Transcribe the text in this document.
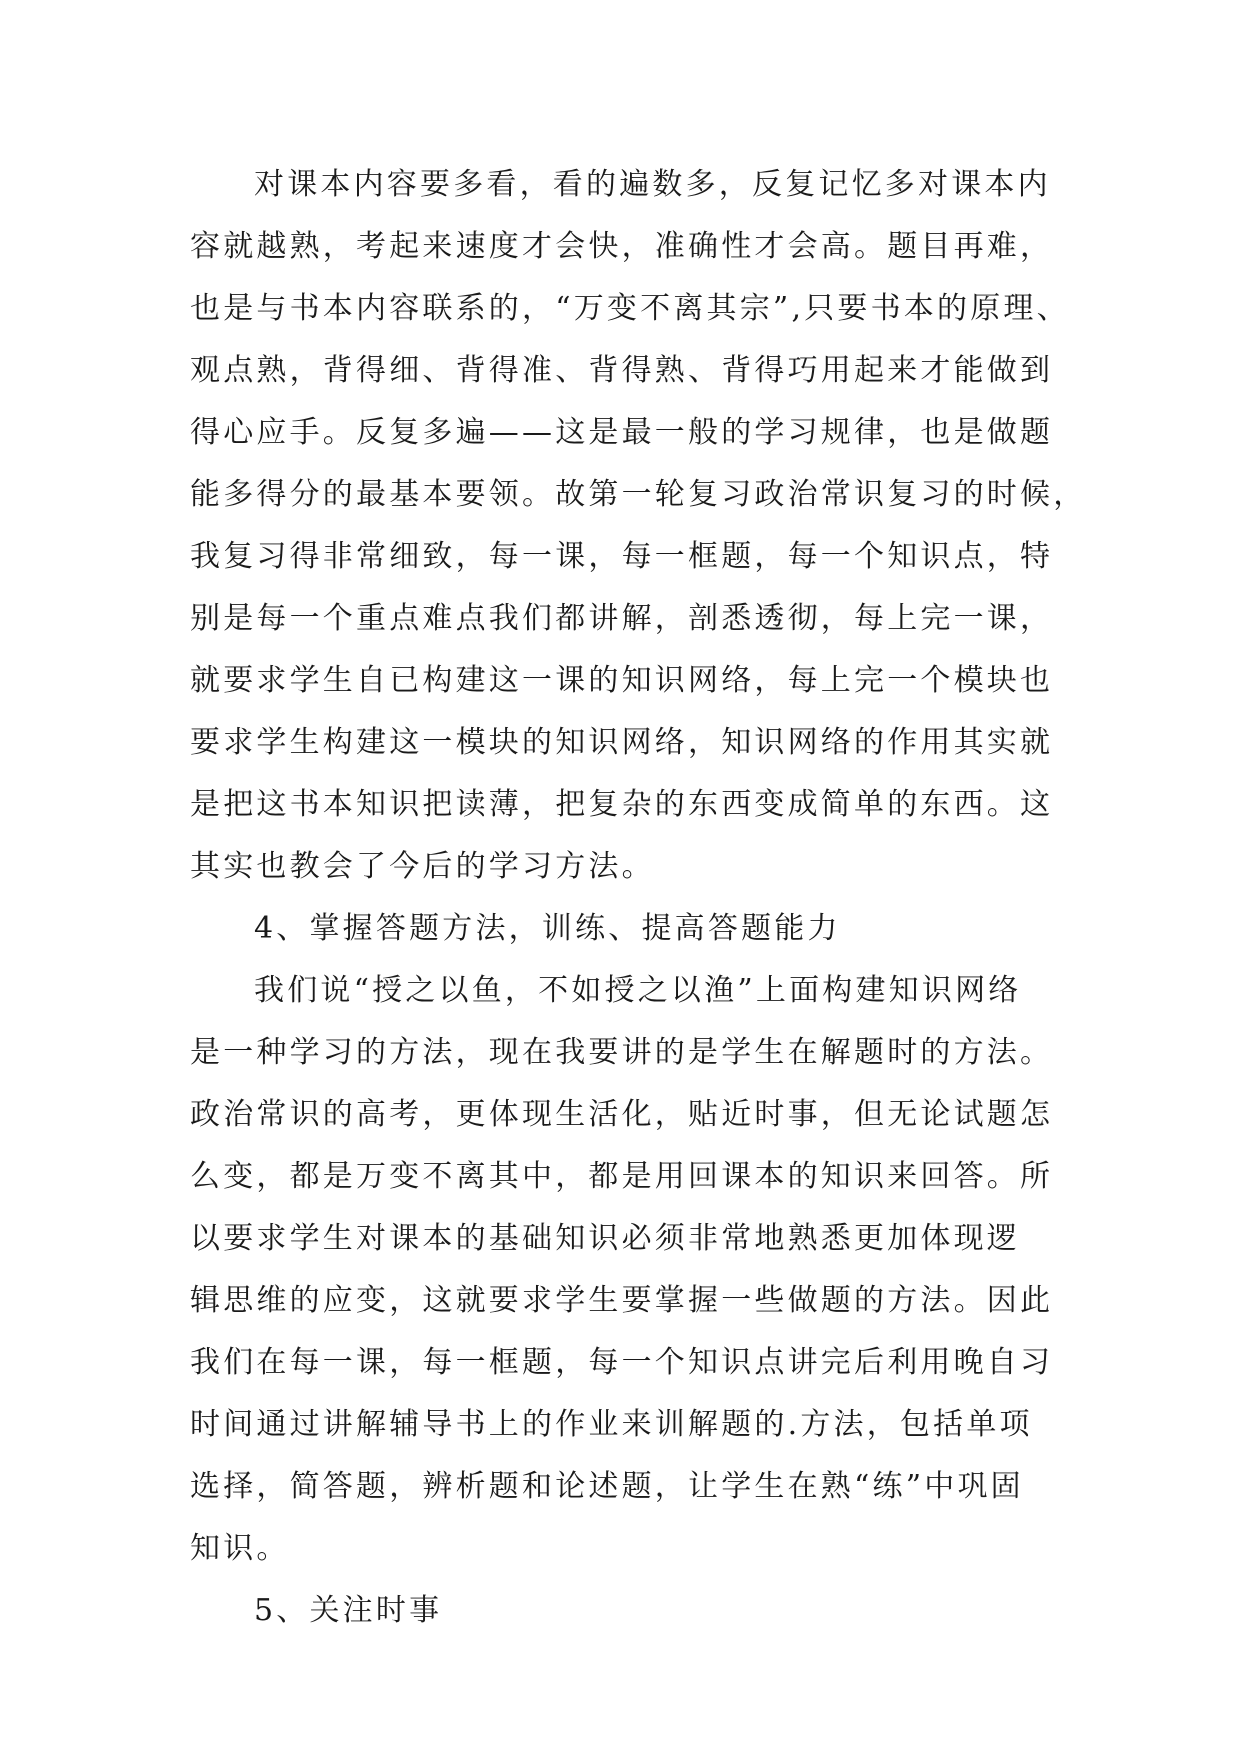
对课本内容要多看，看的遍数多，反复记忆多对课本内
容就越熟，考起来速度才会快，准确性才会高。题目再难，
也是与书本内容联系的，“万变不离其宗”,只要书本的原理、
观点熟，背得细、背得准、背得熟、背得巧用起来才能做到
得心应手。反复多遍——这是最一般的学习规律，也是做题
能多得分的最基本要领。故第一轮复习政治常识复习的时候，
我复习得非常细致，每一课，每一框题，每一个知识点，特
别是每一个重点难点我们都讲解，剖悉透彻，每上完一课，
就要求学生自已构建这一课的知识网络，每上完一个模块也
要求学生构建这一模块的知识网络，知识网络的作用其实就
是把这书本知识把读薄，把复杂的东西变成简单的东西。这
其实也教会了今后的学习方法。
4、掌握答题方法，训练、提高答题能力
我们说“授之以鱼，不如授之以渔”上面构建知识网络
是一种学习的方法，现在我要讲的是学生在解题时的方法。
政治常识的高考，更体现生活化，贴近时事，但无论试题怎
么变，都是万变不离其中，都是用回课本的知识来回答。所
以要求学生对课本的基础知识必须非常地熟悉更加体现逻
辑思维的应变，这就要求学生要掌握一些做题的方法。因此
我们在每一课，每一框题，每一个知识点讲完后利用晚自习
时间通过讲解辅导书上的作业来训解题的.方法，包括单项
选择，简答题，辨析题和论述题，让学生在熟“练”中巩固
知识。
5、关注时事
